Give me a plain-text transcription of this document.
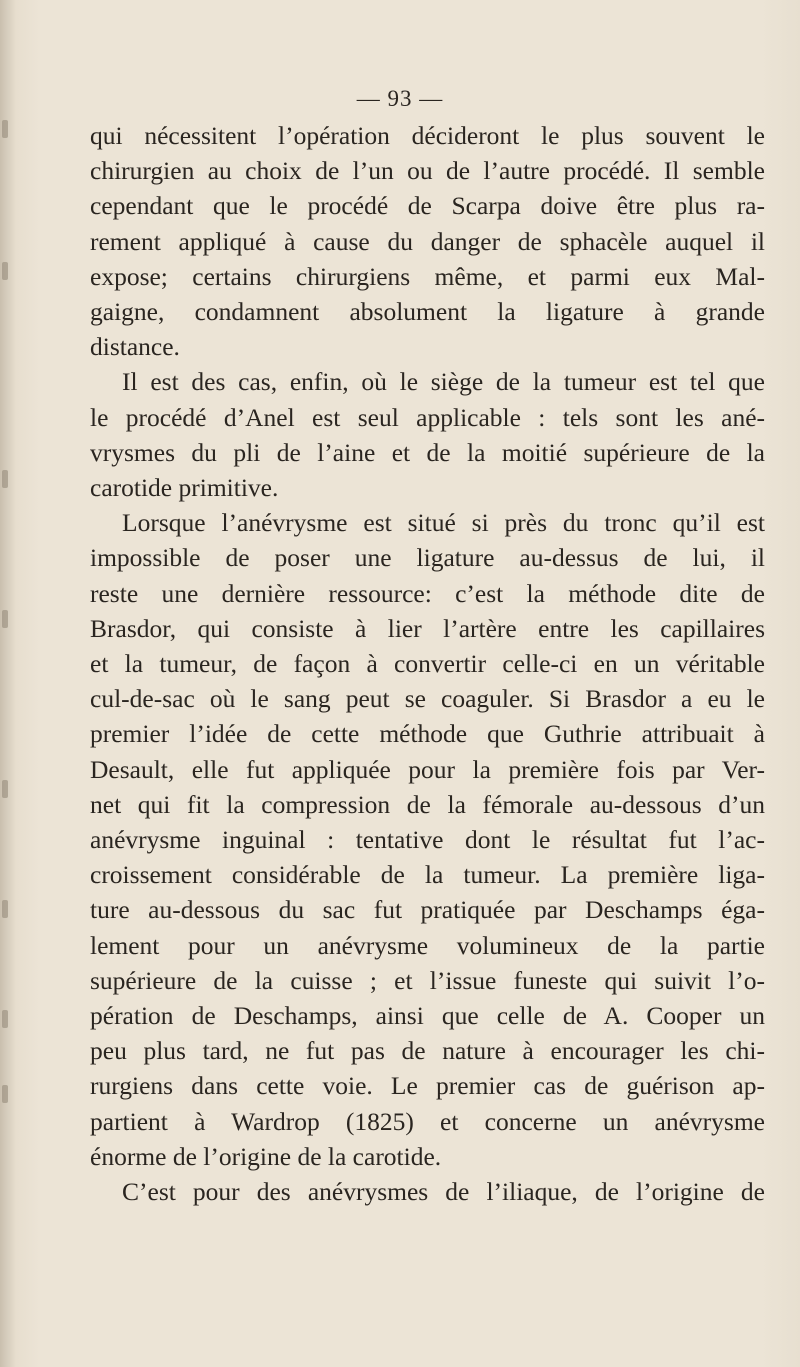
— 93 —
qui nécessitent l’opération décideront le plus souvent le
chirurgien au choix de l’un ou de l’autre procédé. Il semble
cependant que le procédé de Scarpa doive être plus ra-
rement appliqué à cause du danger de sphacèle auquel il
expose; certains chirurgiens même, et parmi eux Mal-
gaigne, condamnent absolument la ligature à grande
distance.
Il est des cas, enfin, où le siège de la tumeur est tel que
le procédé d’Anel est seul applicable : tels sont les ané-
vrysmes du pli de l’aine et de la moitié supérieure de la
carotide primitive.
Lorsque l’anévrysme est situé si près du tronc qu’il est
impossible de poser une ligature au-dessus de lui, il
reste une dernière ressource: c’est la méthode dite de
Brasdor, qui consiste à lier l’artère entre les capillaires
et la tumeur, de façon à convertir celle-ci en un véritable
cul-de-sac où le sang peut se coaguler. Si Brasdor a eu le
premier l’idée de cette méthode que Guthrie attribuait à
Desault, elle fut appliquée pour la première fois par Ver-
net qui fit la compression de la fémorale au-dessous d’un
anévrysme inguinal : tentative dont le résultat fut l’ac-
croissement considérable de la tumeur. La première liga-
ture au-dessous du sac fut pratiquée par Deschamps éga-
lement pour un anévrysme volumineux de la partie
supérieure de la cuisse ; et l’issue funeste qui suivit l’o-
pération de Deschamps, ainsi que celle de A. Cooper un
peu plus tard, ne fut pas de nature à encourager les chi-
rurgiens dans cette voie. Le premier cas de guérison ap-
partient à Wardrop (1825) et concerne un anévrysme
énorme de l’origine de la carotide.
C’est pour des anévrysmes de l’iliaque, de l’origine de
